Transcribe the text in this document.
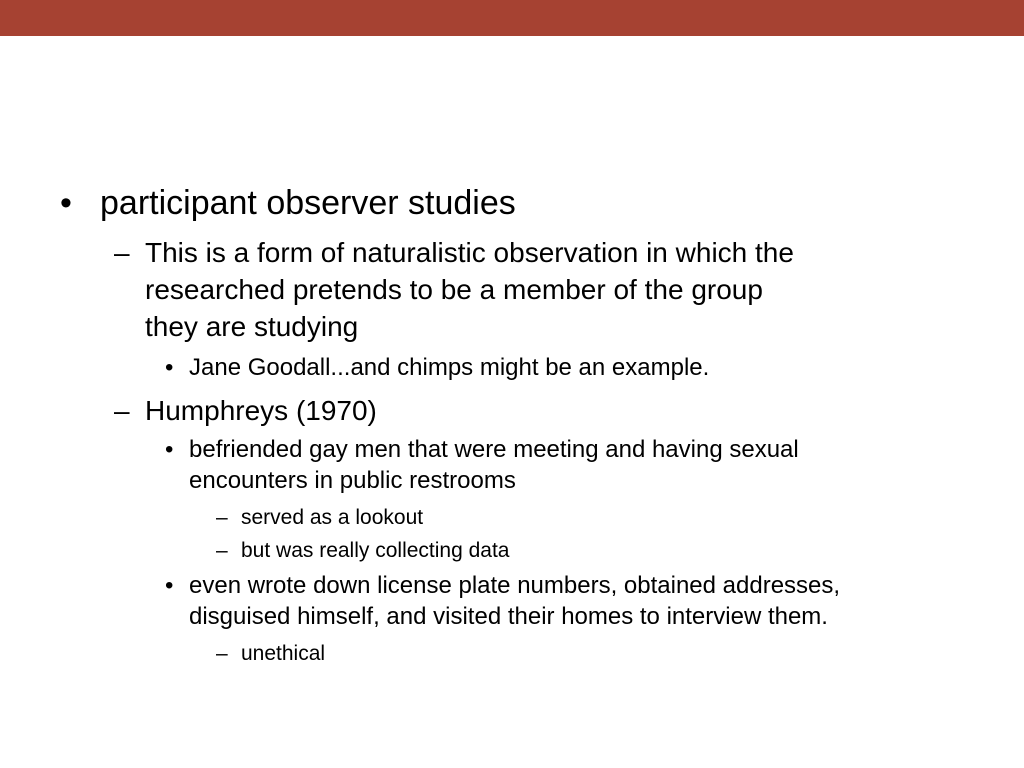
• participant observer studies
– This is a form of naturalistic observation in which the
researched pretends to be a member of the group
they are studying
• Jane Goodall...and chimps might be an example.
– Humphreys (1970)
• befriended gay men that were meeting and having sexual
encounters in public restrooms
– served as a lookout
– but was really collecting data
• even wrote down license plate numbers, obtained addresses,
disguised himself, and visited their homes to interview them.
– unethical
